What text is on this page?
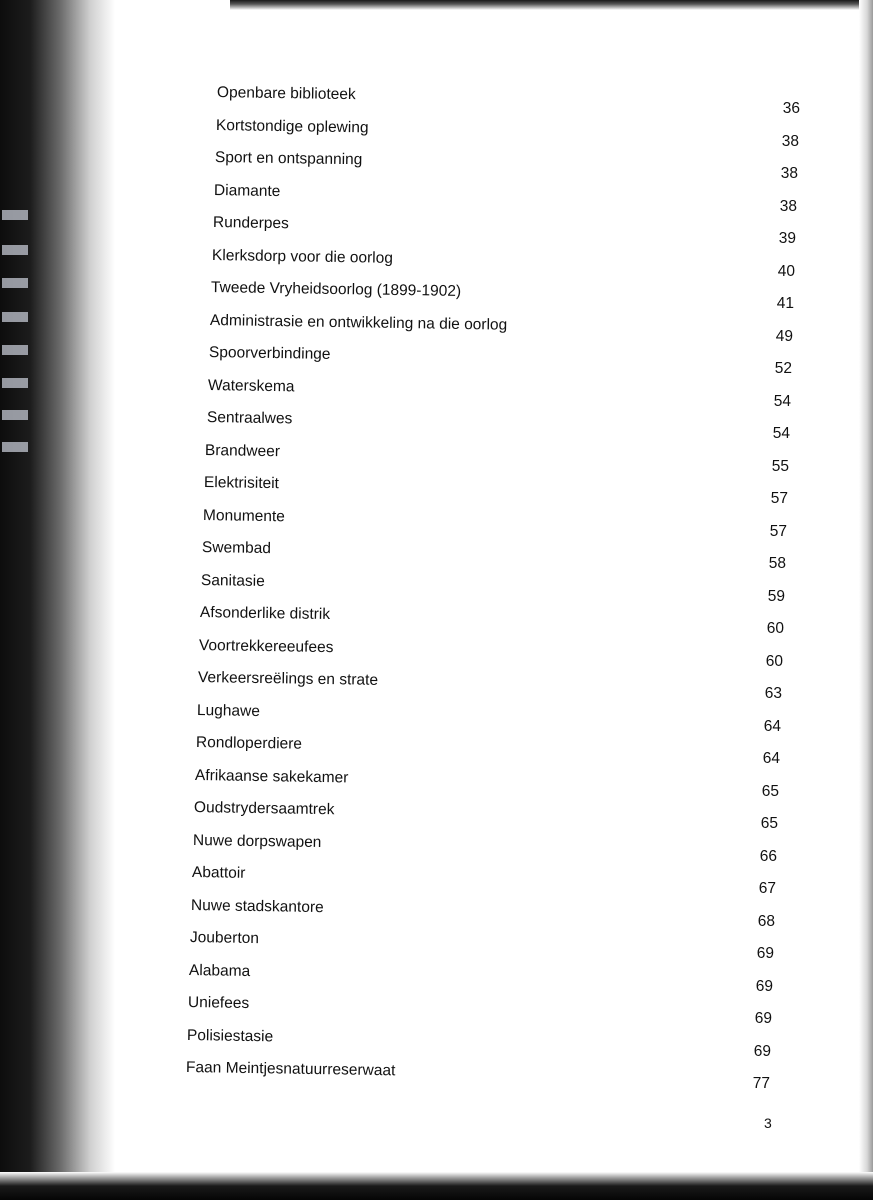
Openbare biblioteek
36
Kortstondige oplewing
38
Sport en ontspanning
38
Diamante
38
Runderpes
39
Klerksdorp voor die oorlog
40
Tweede Vryheidsoorlog (1899-1902)
41
Administrasie en ontwikkeling na die oorlog
49
Spoorverbindinge
52
Waterskema
54
Sentraalwes
54
Brandweer
55
Elektrisiteit
57
Monumente
57
Swembad
58
Sanitasie
59
Afsonderlike distrik
60
Voortrekkereeufees
60
Verkeersreëlings en strate
63
Lughawe
64
Rondloperdiere
64
Afrikaanse sakekamer
65
Oudstrydersaamtrek
65
Nuwe dorpswapen
66
Abattoir
67
Nuwe stadskantore
68
Jouberton
69
Alabama
69
Uniefees
69
Polisiestasie
69
Faan Meintjesnatuurreserwaat
77
3
